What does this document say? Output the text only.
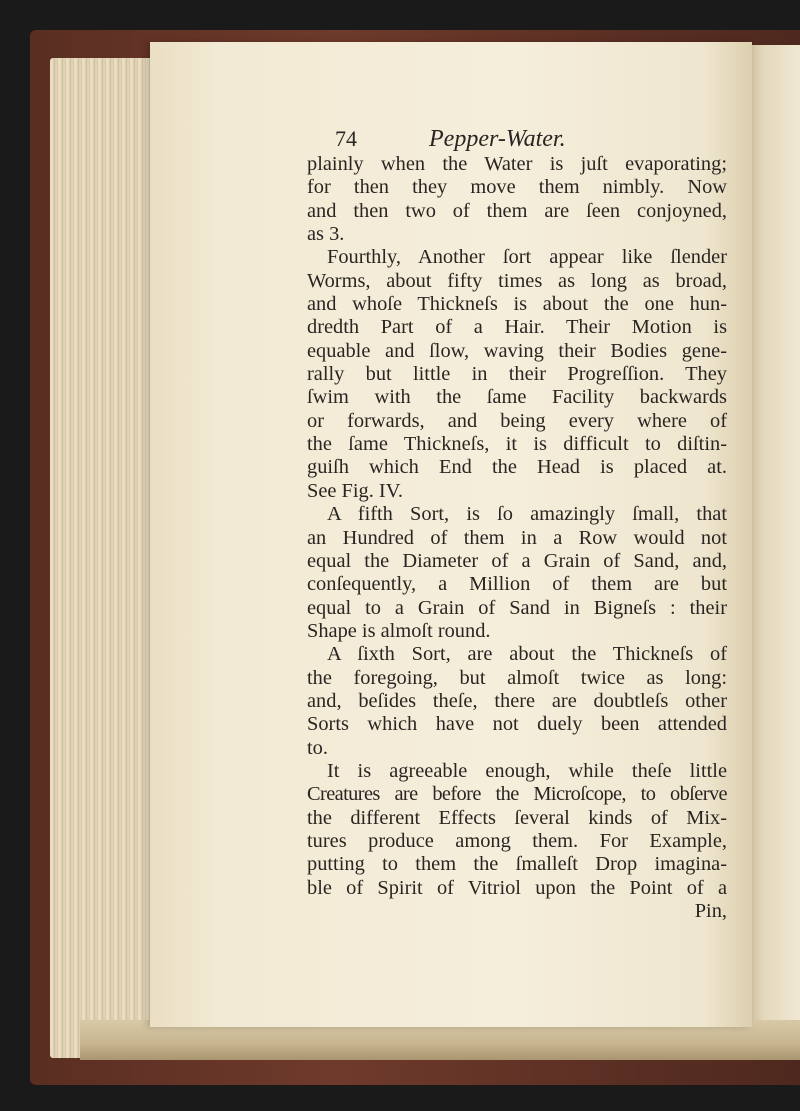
74	Pepper-Water.
plainly when the Water is juſt evaporating;
for then they move them nimbly. Now
and then two of them are ſeen conjoyned,
as 3.
Fourthly, Another ſort appear like ſlender
Worms, about fifty times as long as broad,
and whoſe Thickneſs is about the one hun-
dredth Part of a Hair. Their Motion is
equable and ſlow, waving their Bodies gene-
rally but little in their Progreſſion. They
ſwim with the ſame Facility backwards
or forwards, and being every where of
the ſame Thickneſs, it is difficult to diſtin-
guiſh which End the Head is placed at.
See Fig. IV.
A fifth Sort, is ſo amazingly ſmall, that
an Hundred of them in a Row would not
equal the Diameter of a Grain of Sand, and,
conſequently, a Million of them are but
equal to a Grain of Sand in Bigneſs : their
Shape is almoſt round.
A ſixth Sort, are about the Thickneſs of
the foregoing, but almoſt twice as long:
and, beſides theſe, there are doubtleſs other
Sorts which have not duely been attended
to.
It is agreeable enough, while theſe little
Creatures are before the Microſcope, to obſerve
the different Effects ſeveral kinds of Mix-
tures produce among them. For Example,
putting to them the ſmalleſt Drop imagina-
ble of Spirit of Vitriol upon the Point of a
Pin,
